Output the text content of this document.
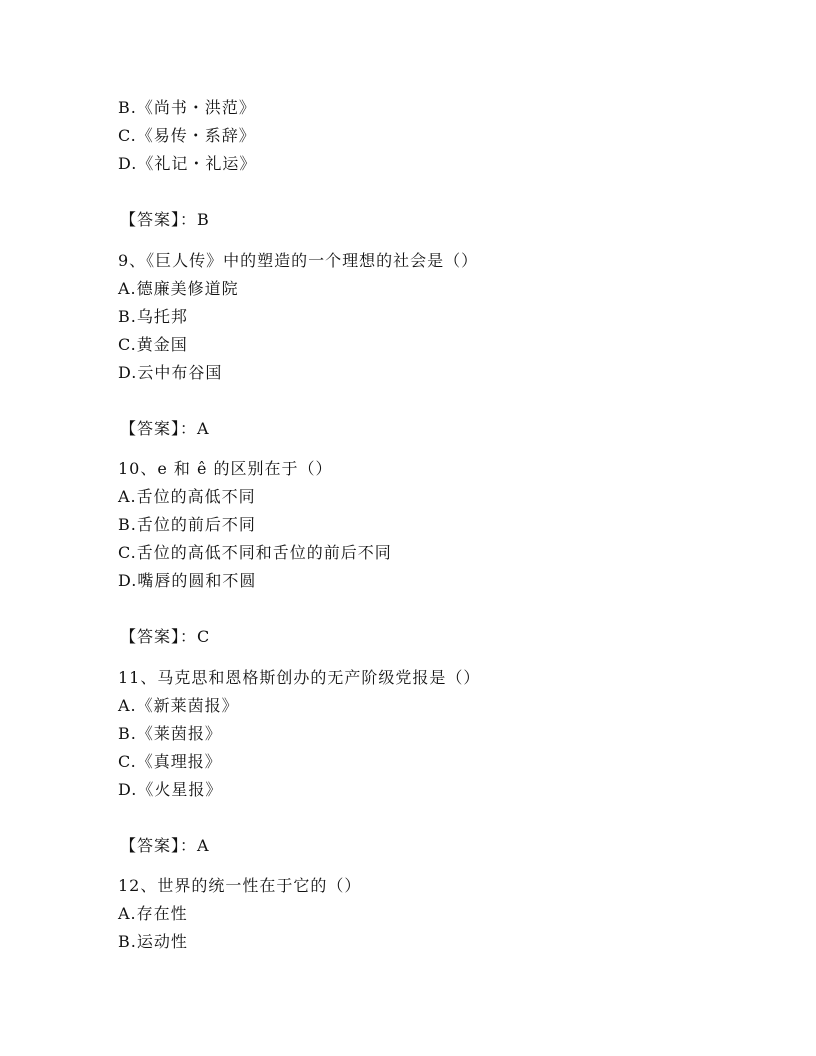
B.《尚书・洪范》
C.《易传・系辞》
D.《礼记・礼运》
【答案】：B
9、《巨人传》中的塑造的一个理想的社会是（）
A.德廉美修道院
B.乌托邦
C.黄金国
D.云中布谷国
【答案】：A
10、e 和 ê 的区别在于（）
A.舌位的高低不同
B.舌位的前后不同
C.舌位的高低不同和舌位的前后不同
D.嘴唇的圆和不圆
【答案】：C
11、马克思和恩格斯创办的无产阶级党报是（）
A.《新莱茵报》
B.《莱茵报》
C.《真理报》
D.《火星报》
【答案】：A
12、世界的统一性在于它的（）
A.存在性
B.运动性
